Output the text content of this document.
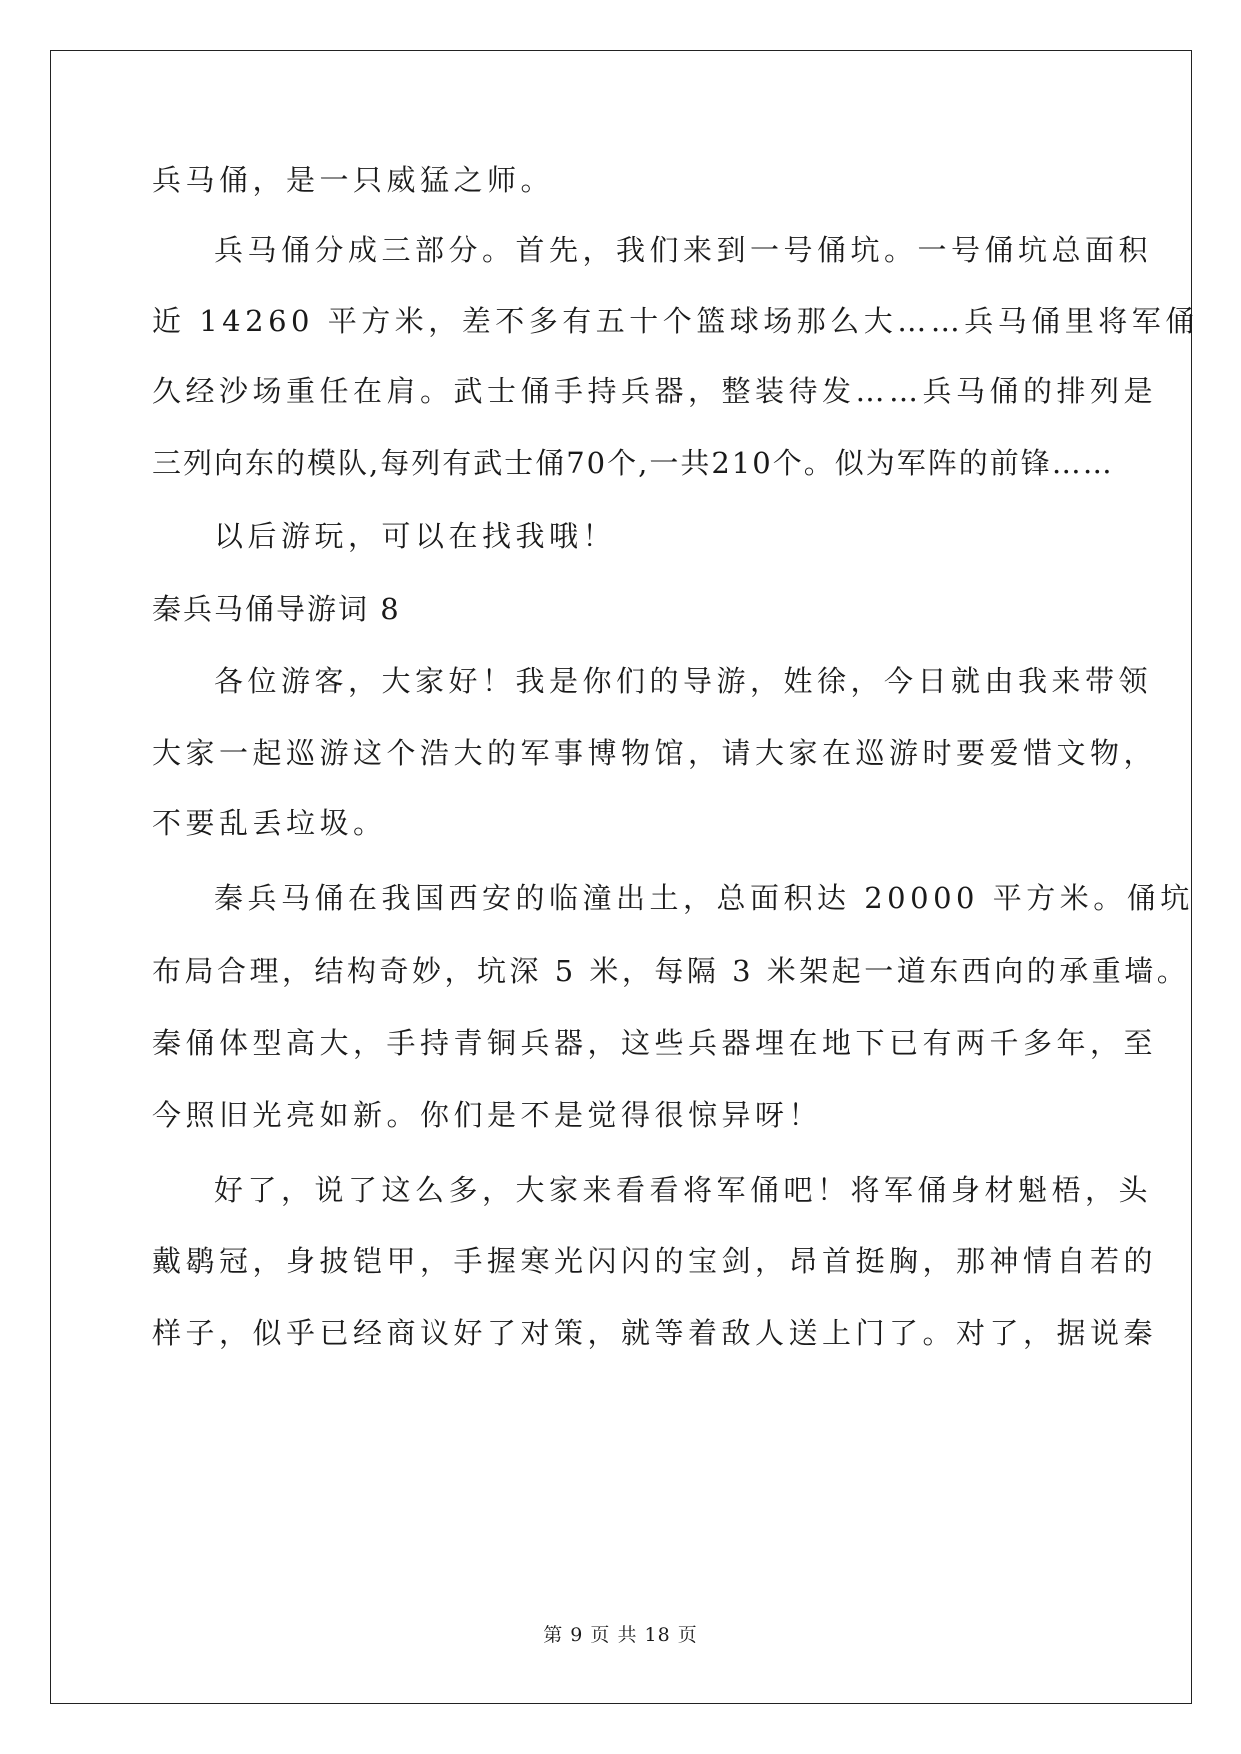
兵马俑，是一只威猛之师。
兵马俑分成三部分。首先，我们来到一号俑坑。一号俑坑总面积
近 14260 平方米，差不多有五十个篮球场那么大……兵马俑里将军俑
久经沙场重任在肩。武士俑手持兵器，整装待发……兵马俑的排列是
三列向东的模队,每列有武士俑70个,一共210个。似为军阵的前锋……
以后游玩，可以在找我哦！
秦兵马俑导游词 8
各位游客，大家好！我是你们的导游，姓徐，今日就由我来带领
大家一起巡游这个浩大的军事博物馆，请大家在巡游时要爱惜文物，
不要乱丢垃圾。
秦兵马俑在我国西安的临潼出土，总面积达 20000 平方米。俑坑
布局合理，结构奇妙，坑深 5 米，每隔 3 米架起一道东西向的承重墙。
秦俑体型高大，手持青铜兵器，这些兵器埋在地下已有两千多年，至
今照旧光亮如新。你们是不是觉得很惊异呀！
好了，说了这么多，大家来看看将军俑吧！将军俑身材魁梧，头
戴鹖冠，身披铠甲，手握寒光闪闪的宝剑，昂首挺胸，那神情自若的
样子，似乎已经商议好了对策，就等着敌人送上门了。对了，据说秦
第 9 页 共 18 页
